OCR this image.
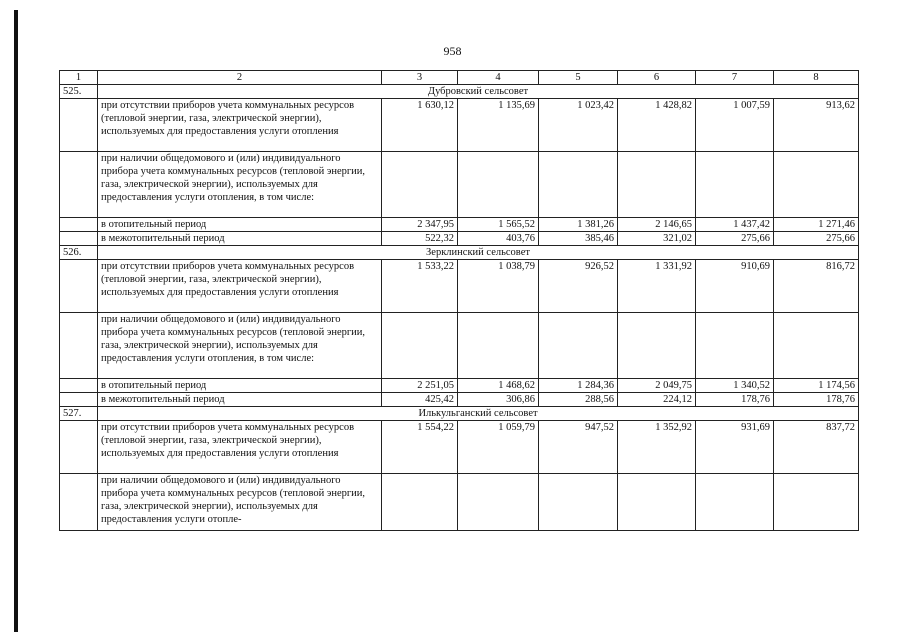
958
1	2	3	4	5	6	7	8
525.	Дубровский сельсовет						
	при отсутствии приборов учета коммунальных ресурсов (тепловой энергии, газа, электрической энергии), используемых для предоставления услуги отопления	1 630,12	1 135,69	1 023,42	1 428,82	1 007,59	913,62
	при наличии общедомового и (или) индивидуального прибора учета коммунальных ресурсов (тепловой энергии, газа, электрической энергии), используемых для предоставления услуги отопления, в том числе:						
	в отопительный период	2 347,95	1 565,52	1 381,26	2 146,65	1 437,42	1 271,46
	в межотопительный период	522,32	403,76	385,46	321,02	275,66	275,66
526.	Зерклинский сельсовет						
	при отсутствии приборов учета коммунальных ресурсов (тепловой энергии, газа, электрической энергии), используемых для предоставления услуги отопления	1 533,22	1 038,79	926,52	1 331,92	910,69	816,72
	при наличии общедомового и (или) индивидуального прибора учета коммунальных ресурсов (тепловой энергии, газа, электрической энергии), используемых для предоставления услуги отопления, в том числе:						
	в отопительный период	2 251,05	1 468,62	1 284,36	2 049,75	1 340,52	1 174,56
	в межотопительный период	425,42	306,86	288,56	224,12	178,76	178,76
527.	Илькульганский сельсовет						
	при отсутствии приборов учета коммунальных ресурсов (тепловой энергии, газа, электрической энергии), используемых для предоставления услуги отопления	1 554,22	1 059,79	947,52	1 352,92	931,69	837,72
	при наличии общедомового и (или) индивидуального прибора учета коммунальных ресурсов (тепловой энергии, газа, электрической энергии), используемых для предоставления услуги отопле-						
